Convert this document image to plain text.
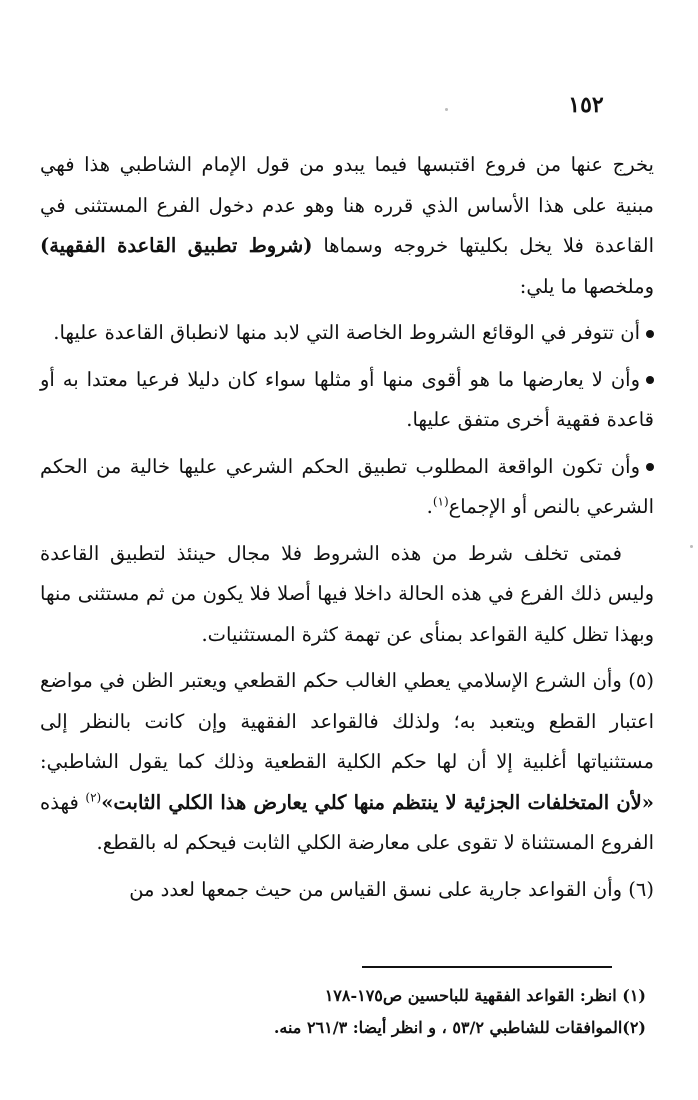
١٥٢

يخرج عنها من فروع اقتبسها فيما يبدو من قول الإمام الشاطبي هذا فهي مبنية على هذا الأساس الذي قرره هنا وهو عدم دخول الفرع المستثنى في القاعدة فلا يخل بكليتها خروجه وسماها (شروط تطبيق القاعدة الفقهية) وملخصها ما يلي:

أن تتوفر في الوقائع الشروط الخاصة التي لابد منها لانطباق القاعدة عليها.

وأن لا يعارضها ما هو أقوى منها أو مثلها سواء كان دليلا فرعيا معتدا به أو قاعدة فقهية أخرى متفق عليها.

وأن تكون الواقعة المطلوب تطبيق الحكم الشرعي عليها خالية من الحكم الشرعي بالنص أو الإجماع$^{(١)}$.

فمتى تخلف شرط من هذه الشروط فلا مجال حينئذ لتطبيق القاعدة وليس ذلك الفرع في هذه الحالة داخلا فيها أصلا فلا يكون من ثم مستثنى منها وبهذا تظل كلية القواعد بمنأى عن تهمة كثرة المستثنيات.

(٥) وأن الشرع الإسلامي يعطي الغالب حكم القطعي ويعتبر الظن في مواضع اعتبار القطع ويتعبد به؛ ولذلك فالقواعد الفقهية وإن كانت بالنظر إلى مستثنياتها أغلبية إلا أن لها حكم الكلية القطعية وذلك كما يقول الشاطبي: «لأن المتخلفات الجزئية لا ينتظم منها كلي يعارض هذا الكلي الثابت»$^{(٢)}$ فهذه الفروع المستثناة لا تقوى على معارضة الكلي الثابت فيحكم له بالقطع.

(٦) وأن القواعد جارية على نسق القياس من حيث جمعها لعدد من

(١) انظر: القواعد الفقهية للباحسين ص١٧٥-١٧٨

(٢)الموافقات للشاطبي ٥٣/٢ ، و انظر أيضا: ٢٦١/٣ منه.
